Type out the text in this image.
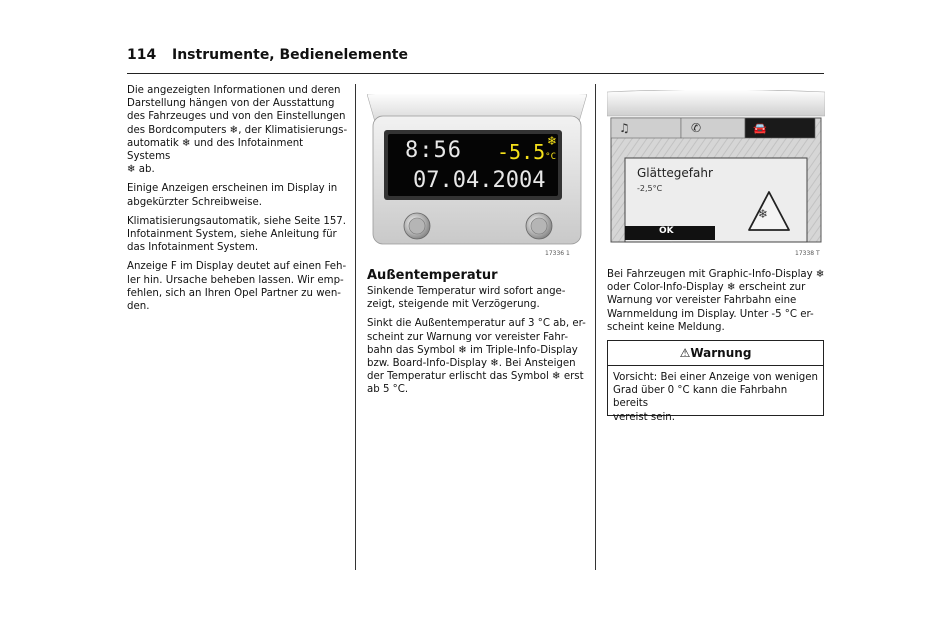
114 Instrumente, Bedienelemente

Die angezeigten Informationen und deren
Darstellung hängen von der Ausstattung
des Fahrzeuges und von den Einstellungen
des Bordcomputers ❄, der Klimatisierungs-
automatik ❄ und des Infotainment Systems
❄ ab.

Einige Anzeigen erscheinen im Display in
abgekürzter Schreibweise.

Klimatisierungsautomatik, siehe Seite 157.
Infotainment System, siehe Anleitung für
das Infotainment System.

Anzeige F im Display deutet auf einen Feh-
ler hin. Ursache beheben lassen. Wir emp-
fehlen, sich an Ihren Opel Partner zu wen-
den.

8:56 -5.5°C
❄
07.04.2004
17336 1
Außentemperatur

Sinkende Temperatur wird sofort ange-
zeigt, steigende mit Verzögerung.

Sinkt die Außentemperatur auf 3 °C ab, er-
scheint zur Warnung vor vereister Fahr-
bahn das Symbol ❄ im Triple-Info-Display
bzw. Board-Info-Display ❄. Bei Ansteigen
der Temperatur erlischt das Symbol ❄ erst
ab 5 °C.

♫	✆	🚘
Glättegefahr
-2,5°C
OK
❄
17338 T

Bei Fahrzeugen mit Graphic-Info-Display ❄
oder Color-Info-Display ❄ erscheint zur
Warnung vor vereister Fahrbahn eine
Warnmeldung im Display. Unter -5 °C er-
scheint keine Meldung.

⚠Warnung
Vorsicht: Bei einer Anzeige von wenigen
Grad über 0 °C kann die Fahrbahn bereits
vereist sein.
